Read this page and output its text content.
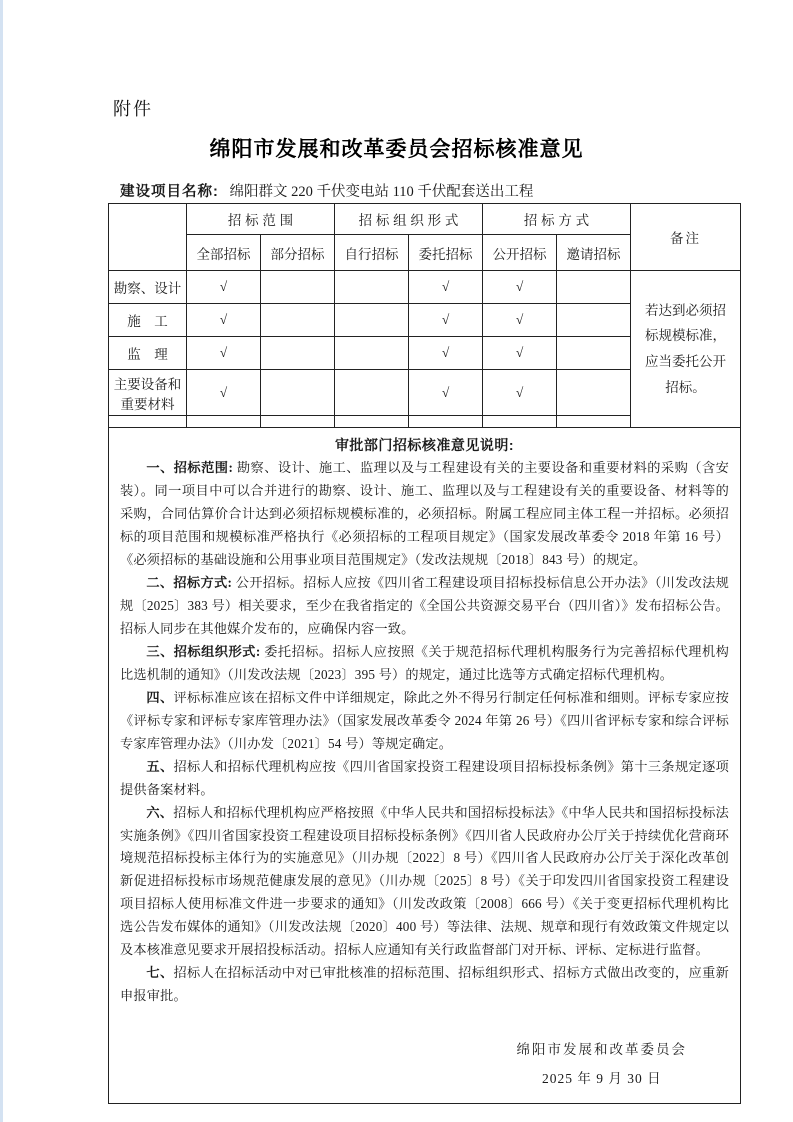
附件
绵阳市发展和改革委员会招标核准意见
建设项目名称: 绵阳群文 220 千伏变电站 110 千伏配套送出工程
	招 标 范 围		招 标 组 织 形 式		招 标 方 式		备注
	全部招标	部分招标	自行招标	委托招标	公开招标	邀请招标	
勘察、设计	√			√	√		若达到必须招标规模标准，应当委托公开招标。
施　工	√			√	√		
监　理	√			√	√		
主要设备和重要材料	√			√	√		

审批部门招标核准意见说明:

一、招标范围: 勘察、设计、施工、监理以及与工程建设有关的主要设备和重要材料的采购（含安装）。同一项目中可以合并进行的勘察、设计、施工、监理以及与工程建设有关的重要设备、材料等的采购，合同估算价合计达到必须招标规模标准的，必须招标。附属工程应同主体工程一并招标。必须招标的项目范围和规模标准严格执行《必须招标的工程项目规定》（国家发展改革委令 2018 年第 16 号）《必须招标的基础设施和公用事业项目范围规定》（发改法规规〔2018〕843 号）的规定。

二、招标方式: 公开招标。招标人应按《四川省工程建设项目招标投标信息公开办法》（川发改法规规〔2025〕383 号）相关要求，至少在我省指定的《全国公共资源交易平台（四川省）》发布招标公告。招标人同步在其他媒介发布的，应确保内容一致。

三、招标组织形式: 委托招标。招标人应按照《关于规范招标代理机构服务行为完善招标代理机构比选机制的通知》（川发改法规〔2023〕395 号）的规定，通过比选等方式确定招标代理机构。

四、评标标准应该在招标文件中详细规定，除此之外不得另行制定任何标准和细则。评标专家应按《评标专家和评标专家库管理办法》（国家发展改革委令 2024 年第 26 号）《四川省评标专家和综合评标专家库管理办法》（川办发〔2021〕54 号）等规定确定。

五、招标人和招标代理机构应按《四川省国家投资工程建设项目招标投标条例》第十三条规定逐项提供备案材料。

六、招标人和招标代理机构应严格按照《中华人民共和国招标投标法》《中华人民共和国招标投标法实施条例》《四川省国家投资工程建设项目招标投标条例》《四川省人民政府办公厅关于持续优化营商环境规范招标投标主体行为的实施意见》（川办规〔2022〕8 号）《四川省人民政府办公厅关于深化改革创新促进招标投标市场规范健康发展的意见》（川办规〔2025〕8 号）《关于印发四川省国家投资工程建设项目招标人使用标准文件进一步要求的通知》（川发改政策〔2008〕666 号）《关于变更招标代理机构比选公告发布媒体的通知》（川发改法规〔2020〕400 号）等法律、法规、规章和现行有效政策文件规定以及本核准意见要求开展招投标活动。招标人应通知有关行政监督部门对开标、评标、定标进行监督。

七、招标人在招标活动中对已审批核准的招标范围、招标组织形式、招标方式做出改变的，应重新申报审批。

绵阳市发展和改革委员会
2025 年 9 月 30 日
